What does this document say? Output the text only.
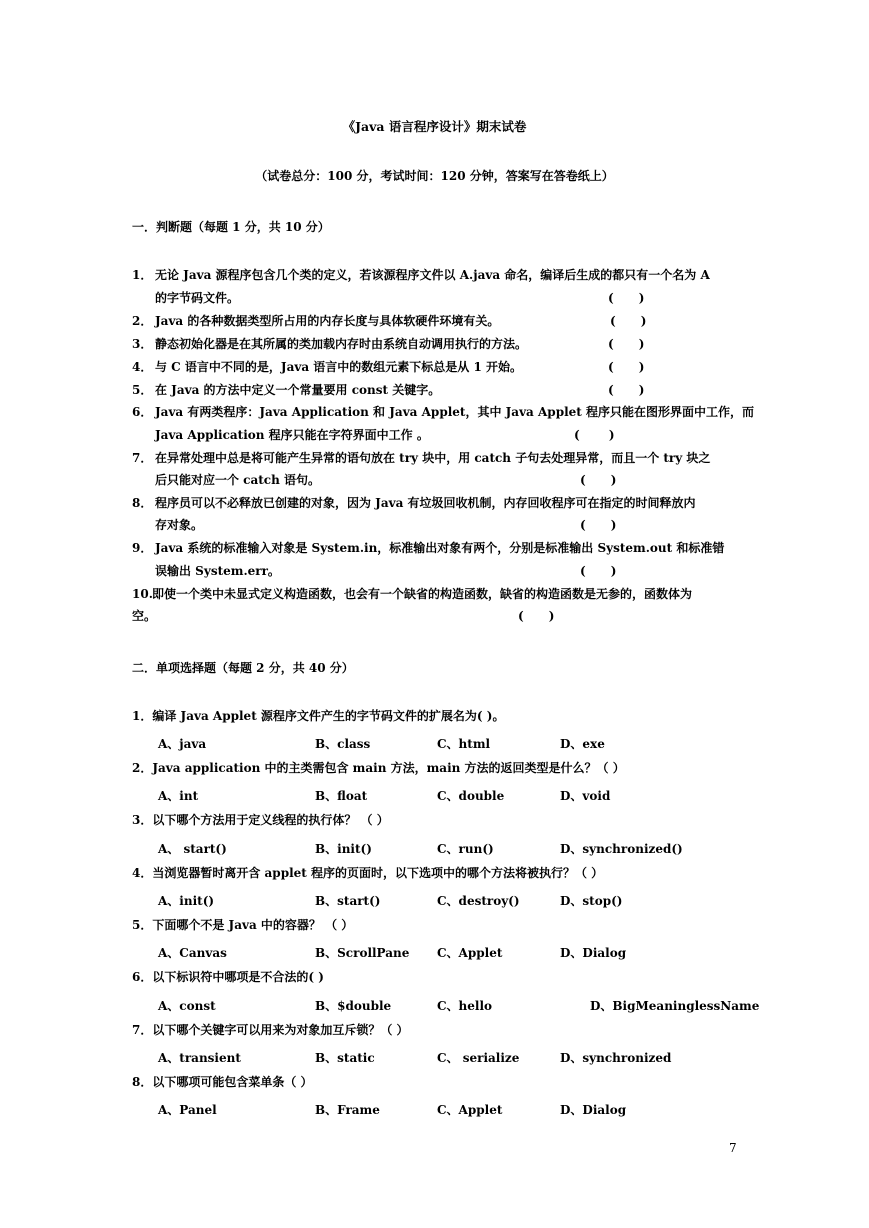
《Java 语言程序设计》期末试卷
（试卷总分：100 分，考试时间：120 分钟，答案写在答卷纸上）
一．判断题（每题 1 分，共 10 分）
1． 无论 Java 源程序包含几个类的定义，若该源程序文件以 A.java 命名，编译后生成的都只有一个名为 A
的字节码文件。	(      )
2． Java 的各种数据类型所占用的内存长度与具体软硬件环境有关。	(      )
3． 静态初始化器是在其所属的类加载内存时由系统自动调用执行的方法。	(      )
4． 与 C 语言中不同的是，Java 语言中的数组元素下标总是从 1 开始。	(      )
5． 在 Java 的方法中定义一个常量要用 const 关键字。	(      )
6． Java 有两类程序：Java Application 和 Java Applet，其中 Java Applet 程序只能在图形界面中工作，而
Java Application 程序只能在字符界面中工作 。	(       )
7． 在异常处理中总是将可能产生异常的语句放在 try 块中，用 catch 子句去处理异常，而且一个 try 块之
后只能对应一个 catch 语句。	(      )
8． 程序员可以不必释放已创建的对象，因为 Java 有垃圾回收机制，内存回收程序可在指定的时间释放内
存对象。	(      )
9． Java 系统的标准输入对象是 System.in，标准输出对象有两个，分别是标准输出 System.out 和标准错
误输出 System.err。	(      )
10. 即使一个类中未显式定义构造函数，也会有一个缺省的构造函数，缺省的构造函数是无参的，函数体为
空。	(      )
二．单项选择题（每题 2 分，共 40 分）
1．编译 Java Applet 源程序文件产生的字节码文件的扩展名为( )。
A、java	B、class	C、html	D、exe
2．Java application 中的主类需包含 main 方法，main 方法的返回类型是什么？（ ）
A、int	B、float	C、double	D、void
3．以下哪个方法用于定义线程的执行体？ （ ）
A、 start()	B、init()	C、run()	D、synchronized()
4．当浏览器暂时离开含 applet 程序的页面时，以下选项中的哪个方法将被执行？（ ）
A、init()	B、start()	C、destroy()	D、stop()
5．下面哪个不是 Java 中的容器？ （ ）
A、Canvas	B、ScrollPane C、Applet	D、Dialog
6．以下标识符中哪项是不合法的( )
A、const	B、$double	C、hello	D、BigMeaninglessName
7．以下哪个关键字可以用来为对象加互斥锁？（ ）
A、transient	B、static	C、 serialize	D、synchronized
8．以下哪项可能包含菜单条（ ）
A、Panel	B、Frame	C、Applet	D、Dialog
7
